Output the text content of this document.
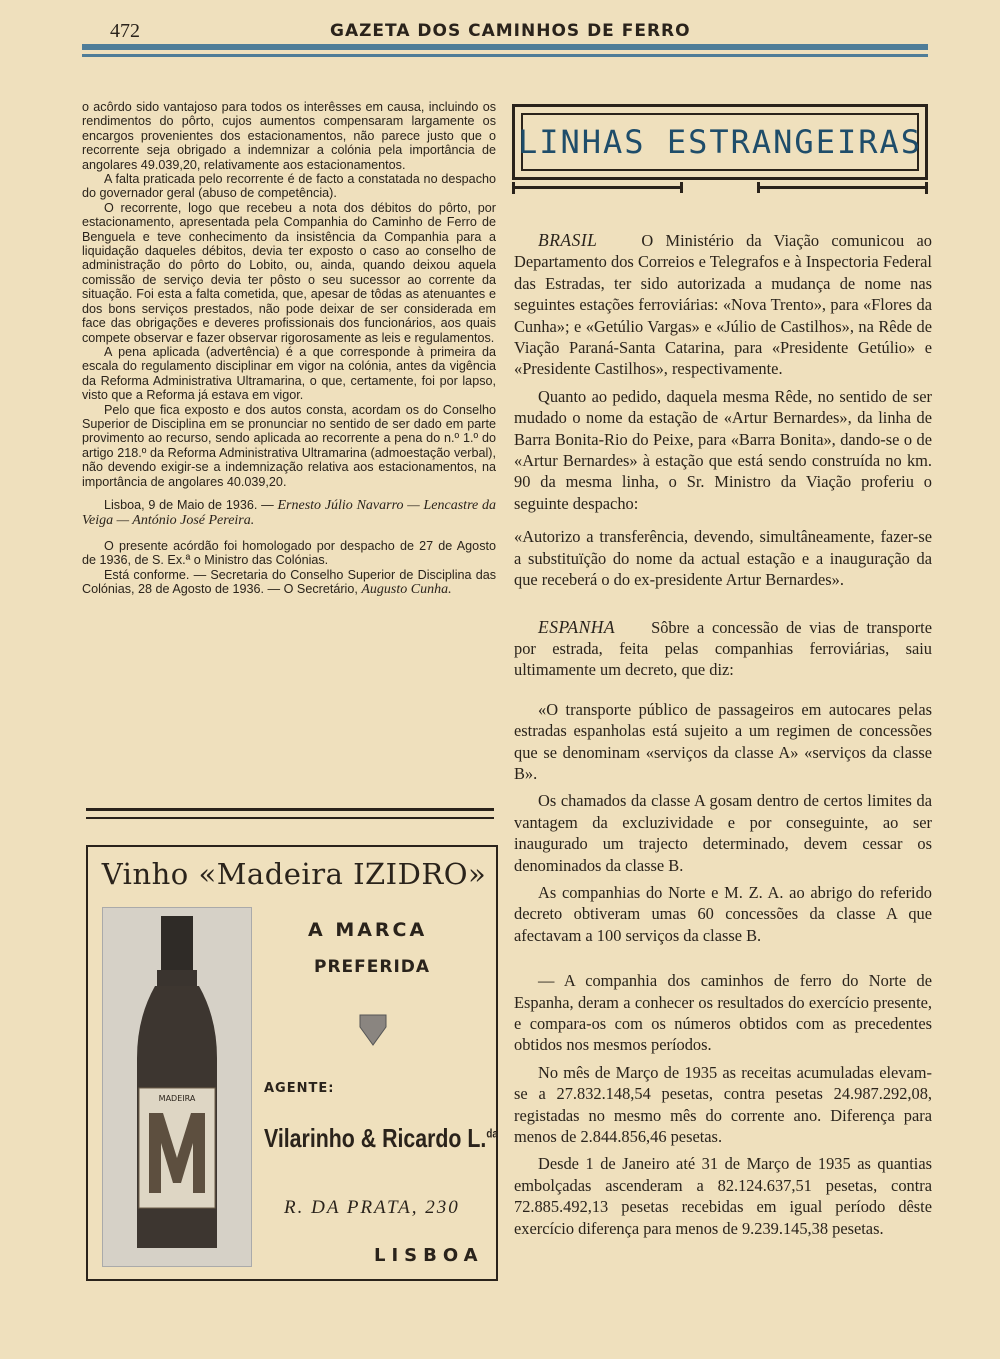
472	GAZETA DOS CAMINHOS DE FERRO

o acôrdo sido vantajoso para todos os interêsses em causa, incluindo os rendimentos do pôrto, cujos aumentos compensaram largamente os encargos provenientes dos estacionamentos, não parece justo que o recorrente seja obrigado a indemnizar a colónia pela importância de angolares 49.039,20, relativamente aos estacionamentos.

A falta praticada pelo recorrente é de facto a constatada no despacho do governador geral (abuso de competência).

O recorrente, logo que recebeu a nota dos débitos do pôrto, por estacionamento, apresentada pela Companhia do Caminho de Ferro de Benguela e teve conhecimento da insistência da Companhia para a liquidação daqueles débitos, devia ter exposto o caso ao conselho de administração do pôrto do Lobito, ou, ainda, quando deixou aquela comissão de serviço devia ter pôsto o seu sucessor ao corrente da situação. Foi esta a falta cometida, que, apesar de tôdas as atenuantes e dos bons serviços prestados, não pode deixar de ser considerada em face das obrigações e deveres profissionais dos funcionários, aos quais compete observar e fazer observar rigorosamente as leis e regulamentos.

A pena aplicada (advertência) é a que corresponde à primeira da escala do regulamento disciplinar em vigor na colónia, antes da vigência da Reforma Administrativa Ultramarina, o que, certamente, foi por lapso, visto que a Reforma já estava em vigor.

Pelo que fica exposto e dos autos consta, acordam os do Conselho Superior de Disciplina em se pronunciar no sentido de ser dado em parte provimento ao recurso, sendo aplicada ao recorrente a pena do n.º 1.º do artigo 218.º da Reforma Administrativa Ultramarina (admoestação verbal), não devendo exigir-se a indemnização relativa aos estacionamentos, na importância de angolares 40.039,20.

Lisboa, 9 de Maio de 1936. — Ernesto Júlio Navarro — Lencastre da Veiga — António José Pereira.

O presente acórdão foi homologado por despacho de 27 de Agosto de 1936, de S. Ex.ª o Ministro das Colónias.

Está conforme. — Secretaria do Conselho Superior de Disciplina das Colónias, 28 de Agosto de 1936. — O Secretário, Augusto Cunha.

Vinho «Madeira IZIDRO»
MADEIRA
A MARCA
PREFERIDA
AGENTE:
Vilarinho & Ricardo L.$^{da}$
R. DA PRATA, 230
LISBOA
LINHAS ESTRANGEIRAS

BRASIL	O Ministério da Viação comunicou ao Departamento dos Correios e Telegrafos e à Inspectoria Federal das Estradas, ter sido autorizada a mudança de nome nas seguintes estações ferroviárias: «Nova Trento», para «Flores da Cunha»; e «Getúlio Vargas» e «Júlio de Castilhos», na Rêde de Viação Paraná-Santa Catarina, para «Presidente Getúlio» e «Presidente Castilhos», respectivamente.

Quanto ao pedido, daquela mesma Rêde, no sentido de ser mudado o nome da estação de «Artur Bernardes», da linha de Barra Bonita-Rio do Peixe, para «Barra Bonita», dando-se o de «Artur Bernardes» à estação que está sendo construída no km. 90 da mesma linha, o Sr. Ministro da Viação proferiu o seguinte despacho:

«Autorizo a transferência, devendo, simultâneamente, fazer-se a substituïção do nome da actual estação e a inauguração da que receberá o do ex-presidente Artur Bernardes».

ESPANHA Sôbre a concessão de vias de transporte por estrada, feita pelas companhias ferroviárias, saiu ultimamente um decreto, que diz:

«O transporte público de passageiros em autocares pelas estradas espanholas está sujeito a um regimen de concessões que se denominam «serviços da classe A» «serviços da classe B».

Os chamados da classe A gosam dentro de certos limites da vantagem da excluzividade e por conseguinte, ao ser inaugurado um trajecto determinado, devem cessar os denominados da classe B.

As companhias do Norte e M. Z. A. ao abrigo do referido decreto obtiveram umas 60 concessões da classe A que afectavam a 100 serviços da classe B.

— A companhia dos caminhos de ferro do Norte de Espanha, deram a conhecer os resultados do exercício presente, e compara-os com os números obtidos com as precedentes obtidos nos mesmos períodos.

No mês de Março de 1935 as receitas acumuladas elevam-se a 27.832.148,54 pesetas, contra pesetas 24.987.292,08, registadas no mesmo mês do corrente ano. Diferença para menos de 2.844.856,46 pesetas.

Desde 1 de Janeiro até 31 de Março de 1935 as quantias embolçadas ascenderam a 82.124.637,51 pesetas, contra 72.885.492,13 pesetas recebidas em igual período dêste exercício diferença para menos de 9.239.145,38 pesetas.
